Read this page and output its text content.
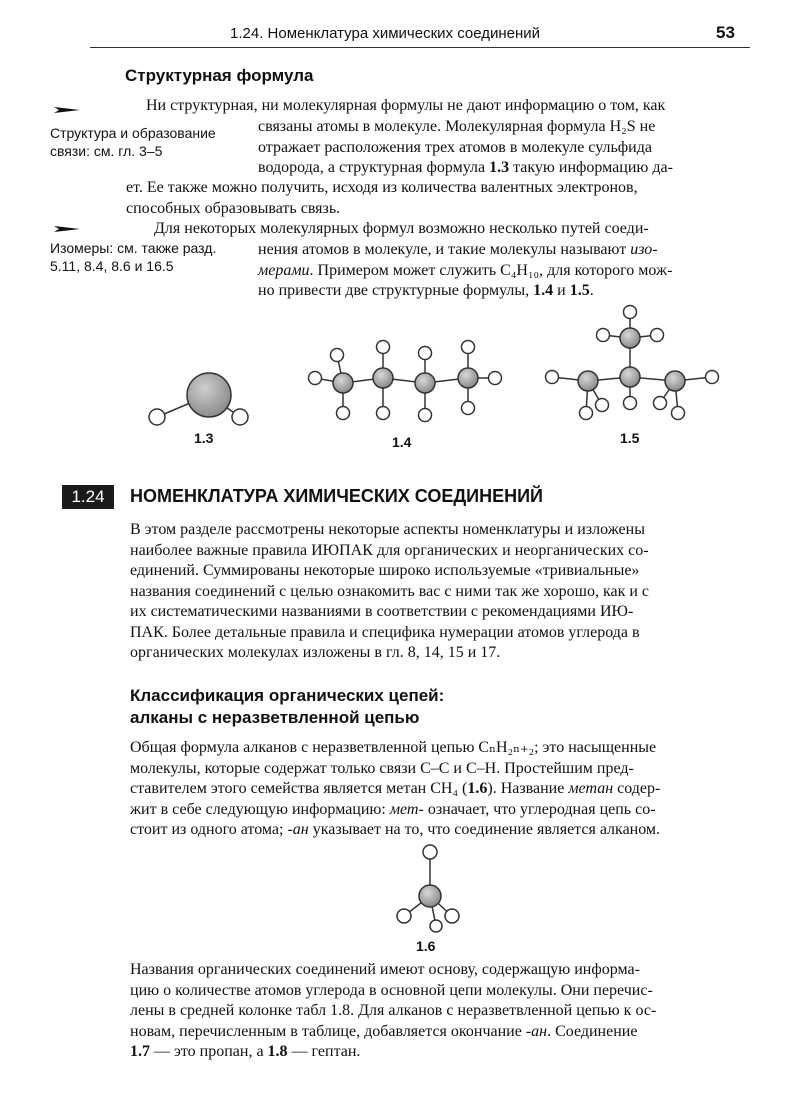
1.24. Номенклатура химических соединений	53
Структурная формула
Структура и образование
связи: см. гл. 3–5

Ни структурная, ни молекулярная формулы не дают информацию о том, как

связаны атомы в молекуле. Молекулярная формула H₂S не

отражает расположения трех атомов в молекуле сульфида

водорода, а структурная формула 1.3 такую информацию да-

ет. Ее также можно получить, исходя из количества валентных электронов,

способных образовывать связь.

Изомеры: см. также разд.
5.11, 8.4, 8.6 и 16.5

Для некоторых молекулярных формул возможно несколько путей соеди-

нения атомов в молекуле, и такие молекулы называют изо-

мерами. Примером может служить C₄H₁₀, для которого мож-

но привести две структурные формулы, 1.4 и 1.5.

1.3	1.4	1.5
1.24	НОМЕНКЛАТУРА ХИМИЧЕСКИХ СОЕДИНЕНИЙ

В этом разделе рассмотрены некоторые аспекты номенклатуры и изложены

наиболее важные правила ИЮПАК для органических и неорганических со-

единений. Суммированы некоторые широко используемые «тривиальные»

названия соединений с целью ознакомить вас с ними так же хорошо, как и с

их систематическими названиями в соответствии с рекомендациями ИЮ-

ПАК. Более детальные правила и специфика нумерации атомов углерода в

органических молекулах изложены в гл. 8, 14, 15 и 17.

Классификация органических цепей:
алканы с неразветвленной цепью

Общая формула алканов с неразветвленной цепью CₙH₂ₙ₊₂; это насыщенные

молекулы, которые содержат только связи C–C и C–H. Простейшим пред-

ставителем этого семейства является метан CH₄ (1.6). Название метан содер-

жит в себе следующую информацию: мет- означает, что углеродная цепь со-

стоит из одного атома; -ан указывает на то, что соединение является алканом.

1.6

Названия органических соединений имеют основу, содержащую информа-

цию о количестве атомов углерода в основной цепи молекулы. Они перечис-

лены в средней колонке табл 1.8. Для алканов с неразветвленной цепью к ос-

новам, перечисленным в таблице, добавляется окончание -ан. Соединение

1.7 — это пропан, а 1.8 — гептан.
